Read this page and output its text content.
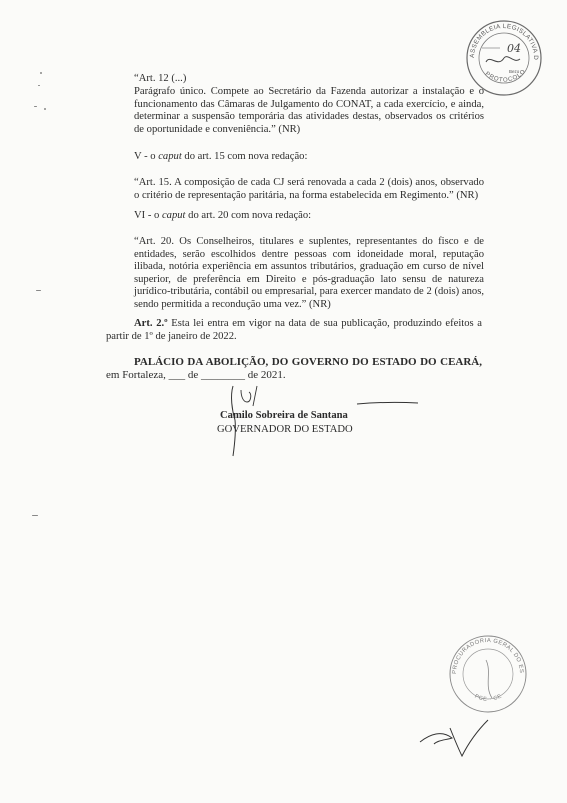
ASSEMBLEIA LEGISLATIVA DO CEARÁ
PROTOCOLO
04
Bezo

“Art. 12 (...)

Parágrafo único. Compete ao Secretário da Fazenda autorizar a instalação e o funcionamento das Câmaras de Julgamento do CONAT, a cada exercício, e ainda, determinar a suspensão temporária das atividades destas, observados os critérios de oportunidade e conveniência.” (NR)

V - o caput do art. 15 com nova redação:

“Art. 15. A composição de cada CJ será renovada a cada 2 (dois) anos, observado o critério de representação paritária, na forma estabelecida em Regimento.” (NR)

VI - o caput do art. 20 com nova redação:

“Art. 20. Os Conselheiros, titulares e suplentes, representantes do fisco e de entidades, serão escolhidos dentre pessoas com idoneidade moral, reputação ilibada, notória experiência em assuntos tributários, graduação em curso de nível superior, de preferência em Direito e pós-graduação lato sensu de natureza jurídico-tributária, contábil ou empresarial, para exercer mandato de 2 (dois) anos, sendo permitida a recondução uma vez.” (NR)

Art. 2.º Esta lei entra em vigor na data de sua publicação, produzindo efeitos a partir de 1º de janeiro de 2022.

PALÁCIO DA ABOLIÇÃO, DO GOVERNO DO ESTADO DO CEARÁ, em Fortaleza, ___ de ________ de 2021.

Camilo Sobreira de Santana

GOVERNADOR DO ESTADO

PROCURADORIA GERAL DO ESTADO
PGE · CE
